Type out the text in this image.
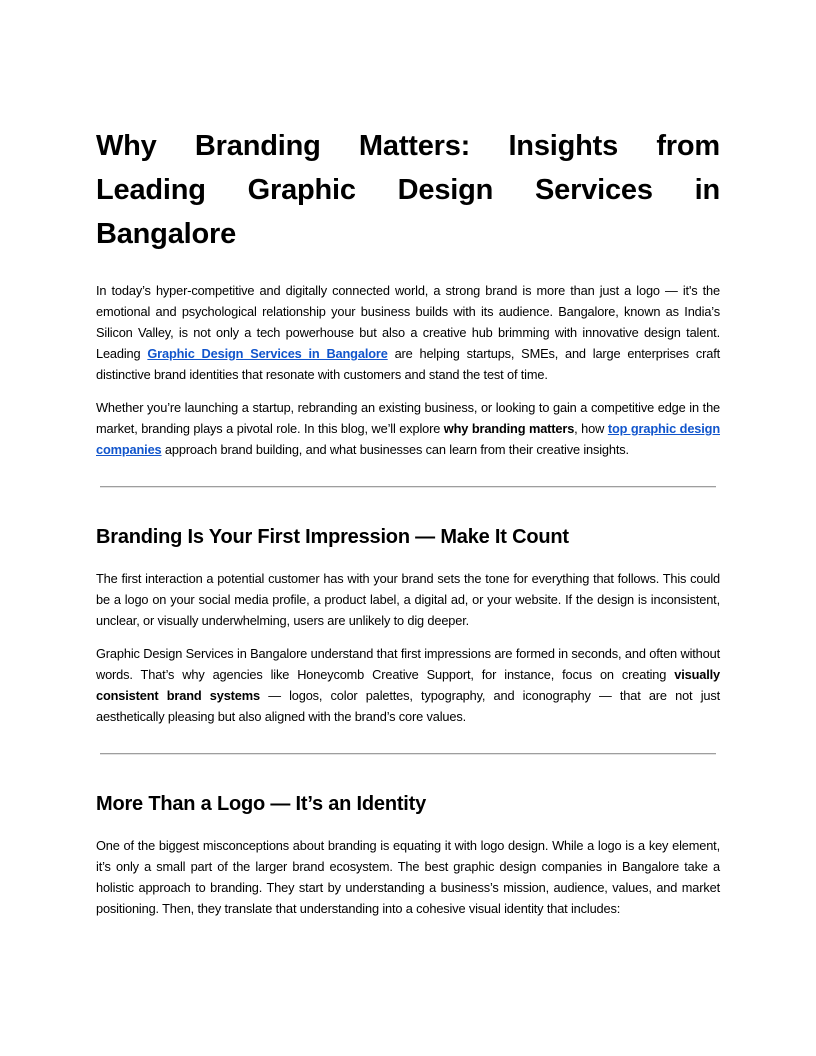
Why Branding Matters: Insights from Leading Graphic Design Services in Bangalore

In today’s hyper-competitive and digitally connected world, a strong brand is more than just a logo — it's the emotional and psychological relationship your business builds with its audience. Bangalore, known as India’s Silicon Valley, is not only a tech powerhouse but also a creative hub brimming with innovative design talent. Leading Graphic Design Services in Bangalore are helping startups, SMEs, and large enterprises craft distinctive brand identities that resonate with customers and stand the test of time.

Whether you’re launching a startup, rebranding an existing business, or looking to gain a competitive edge in the market, branding plays a pivotal role. In this blog, we’ll explore why branding matters, how top graphic design companies approach brand building, and what businesses can learn from their creative insights.

Branding Is Your First Impression — Make It Count

The first interaction a potential customer has with your brand sets the tone for everything that follows. This could be a logo on your social media profile, a product label, a digital ad, or your website. If the design is inconsistent, unclear, or visually underwhelming, users are unlikely to dig deeper.

Graphic Design Services in Bangalore understand that first impressions are formed in seconds, and often without words. That’s why agencies like Honeycomb Creative Support, for instance, focus on creating visually consistent brand systems — logos, color palettes, typography, and iconography — that are not just aesthetically pleasing but also aligned with the brand’s core values.

More Than a Logo — It’s an Identity

One of the biggest misconceptions about branding is equating it with logo design. While a logo is a key element, it’s only a small part of the larger brand ecosystem. The best graphic design companies in Bangalore take a holistic approach to branding. They start by understanding a business’s mission, audience, values, and market positioning. Then, they translate that understanding into a cohesive visual identity that includes:
